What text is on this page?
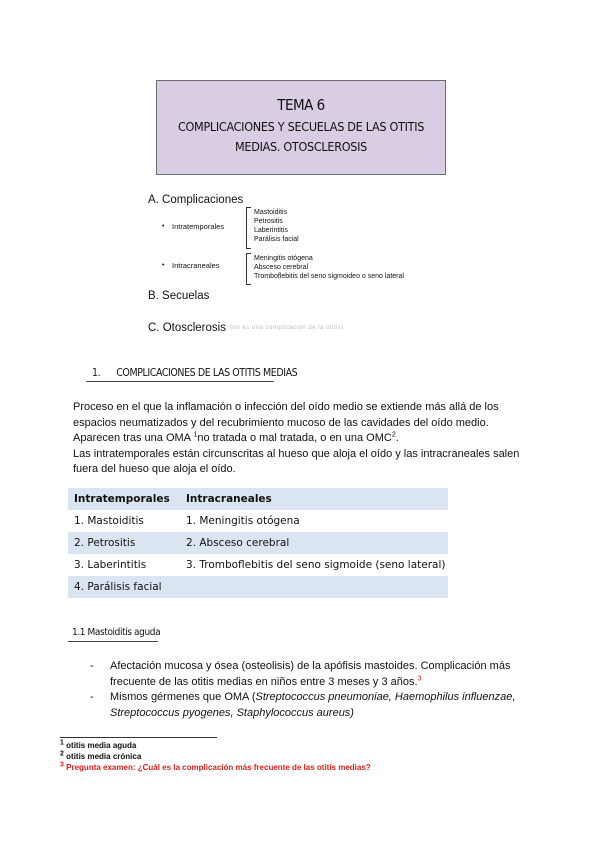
TEMA 6
COMPLICACIONES Y SECUELAS DE LAS OTITIS
MEDIAS. OTOSCLEROSIS
A. Complicaciones
• Intratemporales
Mastoiditis
Petrositis
Laberintitis
Parálisis facial
• Intracraneales
Meningitis otógena
Absceso cerebral
Tromboflebitis del seno sigmoideo o seno lateral
B. Secuelas
C. Otosclerosis (no es una complicación de la otitis)
1. COMPLICACIONES DE LAS OTITIS MEDIAS

Proceso en el que la inflamación o infección del oído medio se extiende más allá de los espacios neumatizados y del recubrimiento mucoso de las cavidades del oído medio.

Aparecen tras una OMA $^1$no tratada o mal tratada, o en una OMC$^2$.

Las intratemporales están circunscritas al hueso que aloja el oído y las intracraneales salen fuera del hueso que aloja el oído.

Intratemporales	Intracraneales
1. Mastoiditis	1. Meningitis otógena
2. Petrositis	2. Absceso cerebral
3. Laberintitis	3. Tromboflebitis del seno sigmoide (seno lateral)
4. Parálisis facial	
1.1 Mastoiditis aguda
- Afectación mucosa y ósea (osteolisis) de la apófisis mastoides. Complicación más frecuente de las otitis medias en niños entre 3 meses y 3 años.$^3$
- Mismos gérmenes que OMA (Streptococcus pneumoniae, Haemophilus influenzae, Streptococcus pyogenes, Staphylococcus aureus)
$^1$ otitis media aguda
$^2$ otitis media crónica
$^3$ Pregunta examen: ¿Cuál es la complicación más frecuente de las otitis medias?
